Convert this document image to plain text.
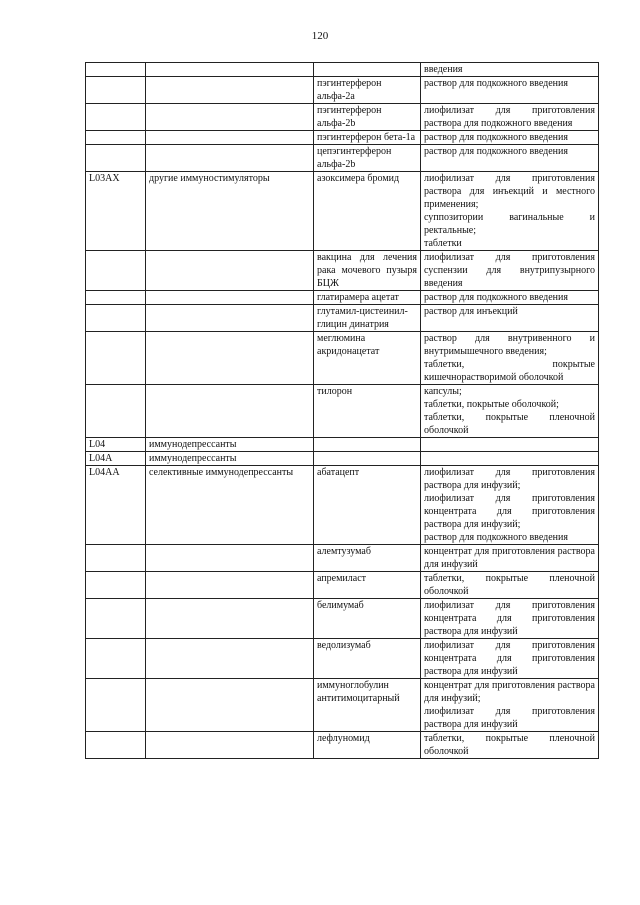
120

			введения

		пэгинтерферон альфа-2a	раствор для подкожного введения

		пэгинтерферон альфа-2b	лиофилизат для приготовления раствора для подкожного введения

		пэгинтерферон бета-1a	раствор для подкожного введения

		цепэгинтерферон альфа-2b	раствор для подкожного введения

L03AX	другие иммуностимуляторы	азоксимера бромид	лиофилизат для приготовления раствора для инъекций и местного применения;
суппозитории вагинальные и ректальные;
таблетки

		вакцина для лечения рака мочевого пузыря БЦЖ	лиофилизат для приготовления суспензии для внутрипузырного введения

		глатирамера ацетат	раствор для подкожного введения

		глутамил-цистеинил-глицин динатрия	раствор для инъекций

		меглюмина акридонацетат	раствор для внутривенного и внутримышечного введения;
таблетки, покрытые кишечнорастворимой оболочкой

		тилорон	капсулы;
таблетки, покрытые оболочкой;
таблетки, покрытые пленочной оболочкой

L04	иммунодепрессанты		
L04A	иммунодепрессанты		
L04AA	селективные иммунодепрессанты	абатацепт	лиофилизат для приготовления раствора для инфузий;
лиофилизат для приготовления концентрата для приготовления раствора для инфузий;
раствор для подкожного введения

		алемтузумаб	концентрат для приготовления раствора для инфузий

		апремиласт	таблетки, покрытые пленочной оболочкой

		белимумаб	лиофилизат для приготовления концентрата для приготовления раствора для инфузий

		ведолизумаб	лиофилизат для приготовления концентрата для приготовления раствора для инфузий

		иммуноглобулин антитимоцитарный	концентрат для приготовления раствора для инфузий;
лиофилизат для приготовления раствора для инфузий

		лефлуномид	таблетки, покрытые пленочной оболочкой
